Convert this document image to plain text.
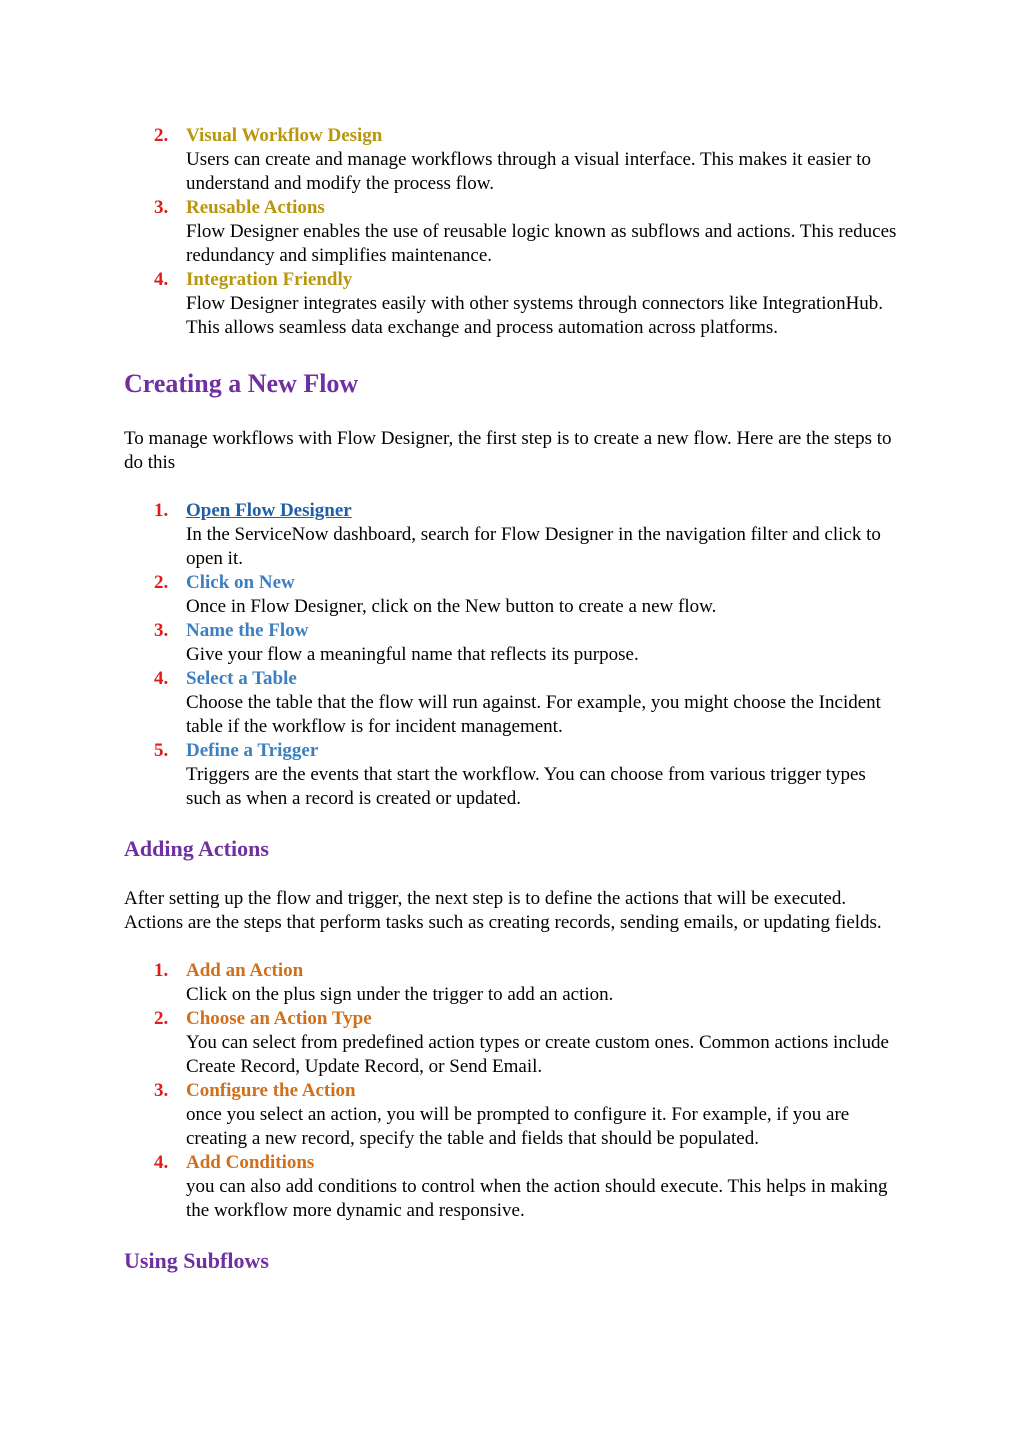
2. Visual Workflow Design
Users can create and manage workflows through a visual interface. This makes it easier to understand and modify the process flow.
3. Reusable Actions
Flow Designer enables the use of reusable logic known as subflows and actions. This reduces redundancy and simplifies maintenance.
4. Integration Friendly
Flow Designer integrates easily with other systems through connectors like IntegrationHub. This allows seamless data exchange and process automation across platforms.
Creating a New Flow

To manage workflows with Flow Designer, the first step is to create a new flow. Here are the steps to do this

1. Open Flow Designer
In the ServiceNow dashboard, search for Flow Designer in the navigation filter and click to open it.
2. Click on New
Once in Flow Designer, click on the New button to create a new flow.
3. Name the Flow
Give your flow a meaningful name that reflects its purpose.
4. Select a Table
Choose the table that the flow will run against. For example, you might choose the Incident table if the workflow is for incident management.
5. Define a Trigger
Triggers are the events that start the workflow. You can choose from various trigger types such as when a record is created or updated.
Adding Actions

After setting up the flow and trigger, the next step is to define the actions that will be executed. Actions are the steps that perform tasks such as creating records, sending emails, or updating fields.

1. Add an Action
Click on the plus sign under the trigger to add an action.
2. Choose an Action Type
You can select from predefined action types or create custom ones. Common actions include Create Record, Update Record, or Send Email.
3. Configure the Action
once you select an action, you will be prompted to configure it. For example, if you are creating a new record, specify the table and fields that should be populated.
4. Add Conditions
you can also add conditions to control when the action should execute. This helps in making the workflow more dynamic and responsive.
Using Subflows
